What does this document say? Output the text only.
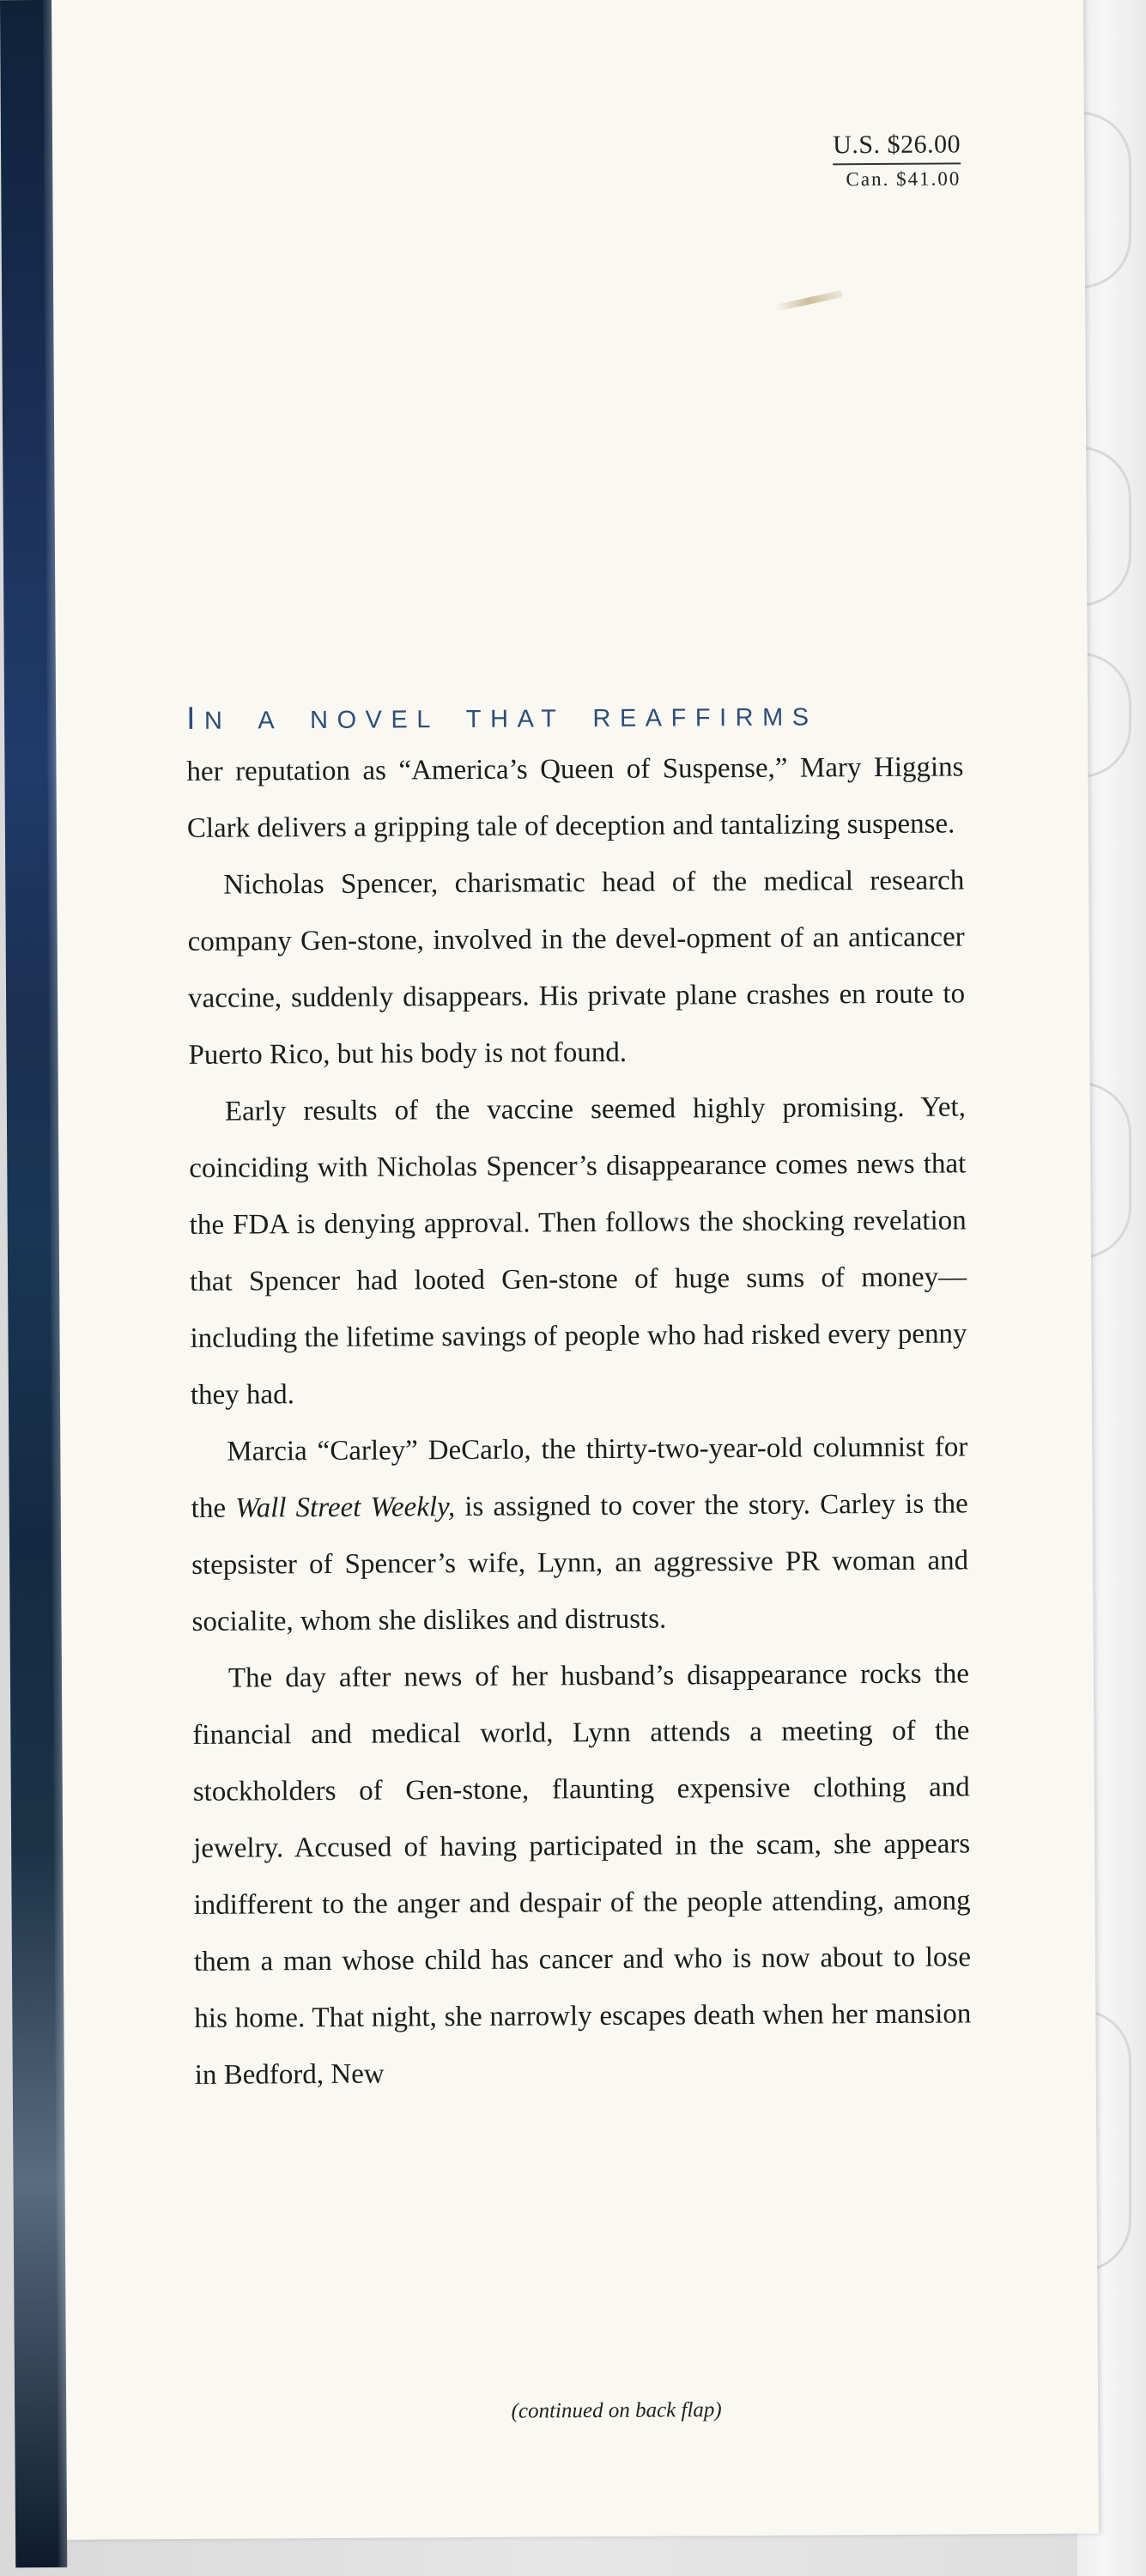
U.S. $26.00
Can. $41.00

IN A NOVEL THAT REAFFIRMS

her reputation as “America’s Queen of Suspense,” Mary Higgins Clark delivers a gripping tale of deception and tantalizing suspense.

Nicholas Spencer, charismatic head of the medical research company Gen-stone, involved in the devel-opment of an anticancer vaccine, suddenly disappears. His private plane crashes en route to Puerto Rico, but his body is not found.

Early results of the vaccine seemed highly promising. Yet, coinciding with Nicholas Spencer’s disappearance comes news that the FDA is denying approval. Then follows the shocking revelation that Spencer had looted Gen-stone of huge sums of money—including the lifetime savings of people who had risked every penny they had.

Marcia “Carley” DeCarlo, the thirty-two-year-old columnist for the Wall Street Weekly, is assigned to cover the story. Carley is the stepsister of Spencer’s wife, Lynn, an aggressive PR woman and socialite, whom she dislikes and distrusts.

The day after news of her husband’s disappearance rocks the financial and medical world, Lynn attends a meeting of the stockholders of Gen-stone, flaunting expensive clothing and jewelry. Accused of having participated in the scam, she appears indifferent to the anger and despair of the people attending, among them a man whose child has cancer and who is now about to lose his home. That night, she narrowly escapes death when her mansion in Bedford, New

(continued on back flap)
